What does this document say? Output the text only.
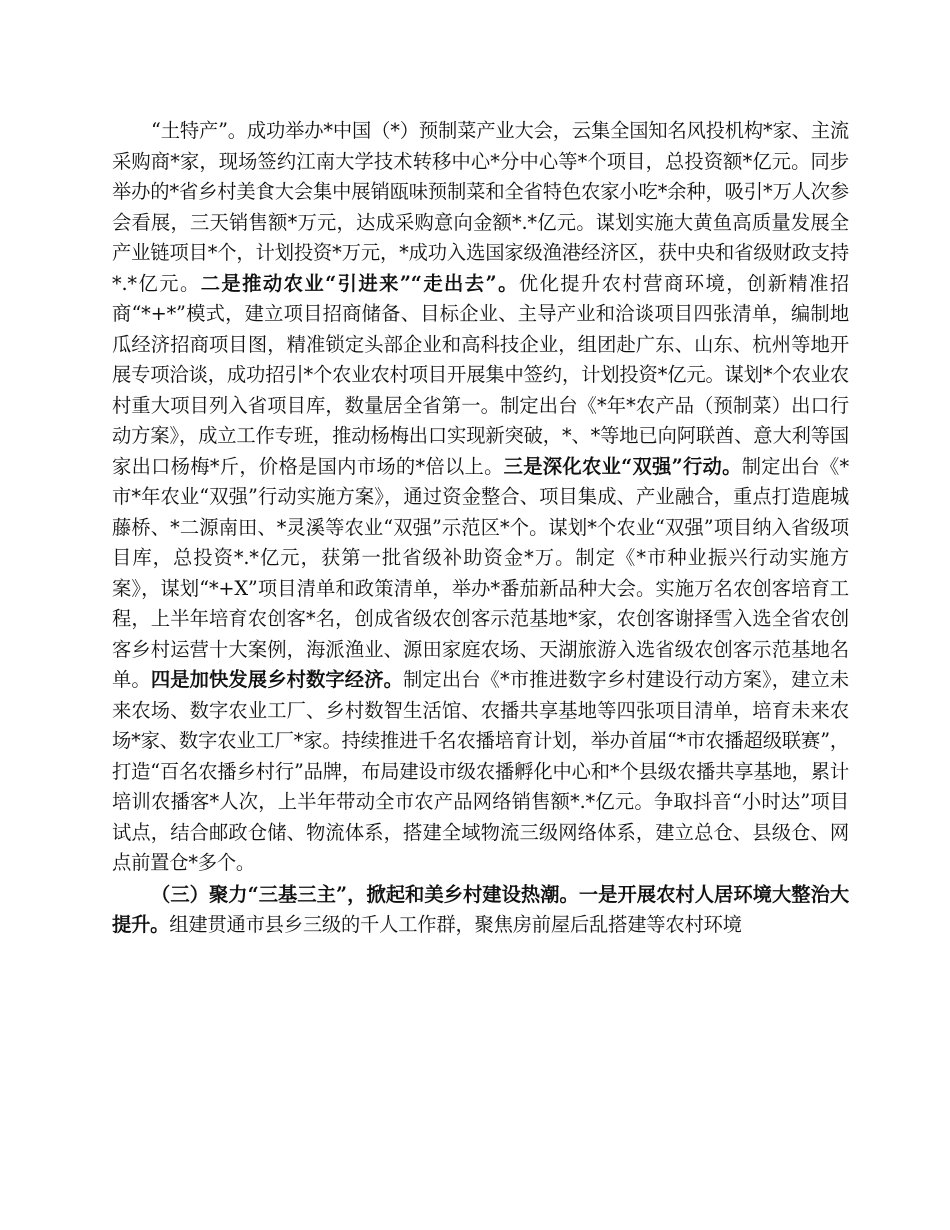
“土特产”。成功举办*中国（*）预制菜产业大会，云集全国知名风投机构*家、主流采购商*家，现场签约江南大学技术转移中心*分中心等*个项目，总投资额*亿元。同步举办的*省乡村美食大会集中展销瓯味预制菜和全省特色农家小吃*余种，吸引*万人次参会看展，三天销售额*万元，达成采购意向金额*.*亿元。谋划实施大黄鱼高质量发展全产业链项目*个，计划投资*万元，*成功入选国家级渔港经济区，获中央和省级财政支持*.*亿元。二是推动农业“引进来”“走出去”。优化提升农村营商环境，创新精准招商“*+*”模式，建立项目招商储备、目标企业、主导产业和洽谈项目四张清单，编制地瓜经济招商项目图，精准锁定头部企业和高科技企业，组团赴广东、山东、杭州等地开展专项洽谈，成功招引*个农业农村项目开展集中签约，计划投资*亿元。谋划*个农业农村重大项目列入省项目库，数量居全省第一。制定出台《*年*农产品（预制菜）出口行动方案》，成立工作专班，推动杨梅出口实现新突破，*、*等地已向阿联酋、意大利等国家出口杨梅*斤，价格是国内市场的*倍以上。三是深化农业“双强”行动。制定出台《*市*年农业“双强”行动实施方案》，通过资金整合、项目集成、产业融合，重点打造鹿城藤桥、*二源南田、*灵溪等农业“双强”示范区*个。谋划*个农业“双强”项目纳入省级项目库，总投资*.*亿元，获第一批省级补助资金*万。制定《*市种业振兴行动实施方案》，谋划“*+X”项目清单和政策清单，举办*番茄新品种大会。实施万名农创客培育工程，上半年培育农创客*名，创成省级农创客示范基地*家，农创客谢择雪入选全省农创客乡村运营十大案例，海派渔业、源田家庭农场、天湖旅游入选省级农创客示范基地名单。四是加快发展乡村数字经济。制定出台《*市推进数字乡村建设行动方案》，建立未来农场、数字农业工厂、乡村数智生活馆、农播共享基地等四张项目清单，培育未来农场*家、数字农业工厂*家。持续推进千名农播培育计划，举办首届“*市农播超级联赛”，打造“百名农播乡村行”品牌，布局建设市级农播孵化中心和*个县级农播共享基地，累计培训农播客*人次，上半年带动全市农产品网络销售额*.*亿元。争取抖音“小时达”项目试点，结合邮政仓储、物流体系，搭建全域物流三级网络体系，建立总仓、县级仓、网点前置仓*多个。

（三）聚力“三基三主”，掀起和美乡村建设热潮。一是开展农村人居环境大整治大提升。组建贯通市县乡三级的千人工作群，聚焦房前屋后乱搭建等农村环境
